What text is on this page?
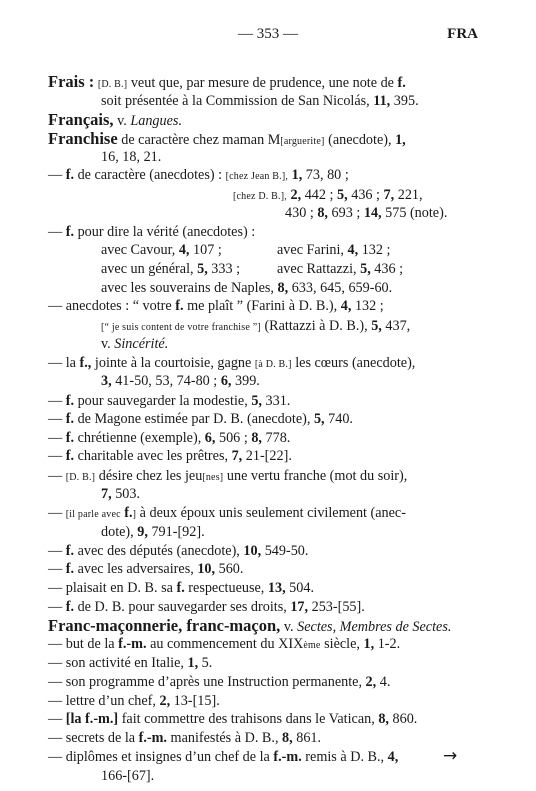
— 353 —	FRA
Frais : [D. B.] veut que, par mesure de prudence, une note de f.
soit présentée à la Commission de San Nicolás, 11, 395.
Français, v. Langues.
Franchise de caractère chez maman M[arguerite] (anecdote), 1,
16, 18, 21.
— f. de caractère (anecdotes) : [chez Jean B.], 1, 73, 80 ;
[chez D. B.], 2, 442 ; 5, 436 ; 7, 221,
430 ; 8, 693 ; 14, 575 (note).
— f. pour dire la vérité (anecdotes) :
avec Cavour, 4, 107 ;	avec Farini, 4, 132 ;
avec un général, 5, 333 ;	avec Rattazzi, 5, 436 ;
avec les souverains de Naples, 8, 633, 645, 659-60.
— anecdotes : “ votre f. me plaît ” (Farini à D. B.), 4, 132 ;
[“ je suis content de votre franchise ”] (Rattazzi à D. B.), 5, 437,
v. Sincérité.
— la f., jointe à la courtoisie, gagne [à D. B.] les cœurs (anecdote),
3, 41-50, 53, 74-80 ; 6, 399.
— f. pour sauvegarder la modestie, 5, 331.
— f. de Magone estimée par D. B. (anecdote), 5, 740.
— f. chrétienne (exemple), 6, 506 ; 8, 778.
— f. charitable avec les prêtres, 7, 21-[22].
— [D. B.] désire chez les jeu[nes] une vertu franche (mot du soir),
7, 503.
— [il parle avec f.] à deux époux unis seulement civilement (anec-
dote), 9, 791-[92].
— f. avec des députés (anecdote), 10, 549-50.
— f. avec les adversaires, 10, 560.
— plaisait en D. B. sa f. respectueuse, 13, 504.
— f. de D. B. pour sauvegarder ses droits, 17, 253-[55].
Franc-maçonnerie, franc-maçon, v. Sectes, Membres de Sectes.
— but de la f.-m. au commencement du XIXème siècle, 1, 1-2.
— son activité en Italie, 1, 5.
— son programme d’après une Instruction permanente, 2, 4.
— lettre d’un chef, 2, 13-[15].
— [la f.-m.] fait commettre des trahisons dans le Vatican, 8, 860.
— secrets de la f.-m. manifestés à D. B., 8, 861.
— diplômes et insignes d’un chef de la f.-m. remis à D. B., 4,
166-[67].
→
